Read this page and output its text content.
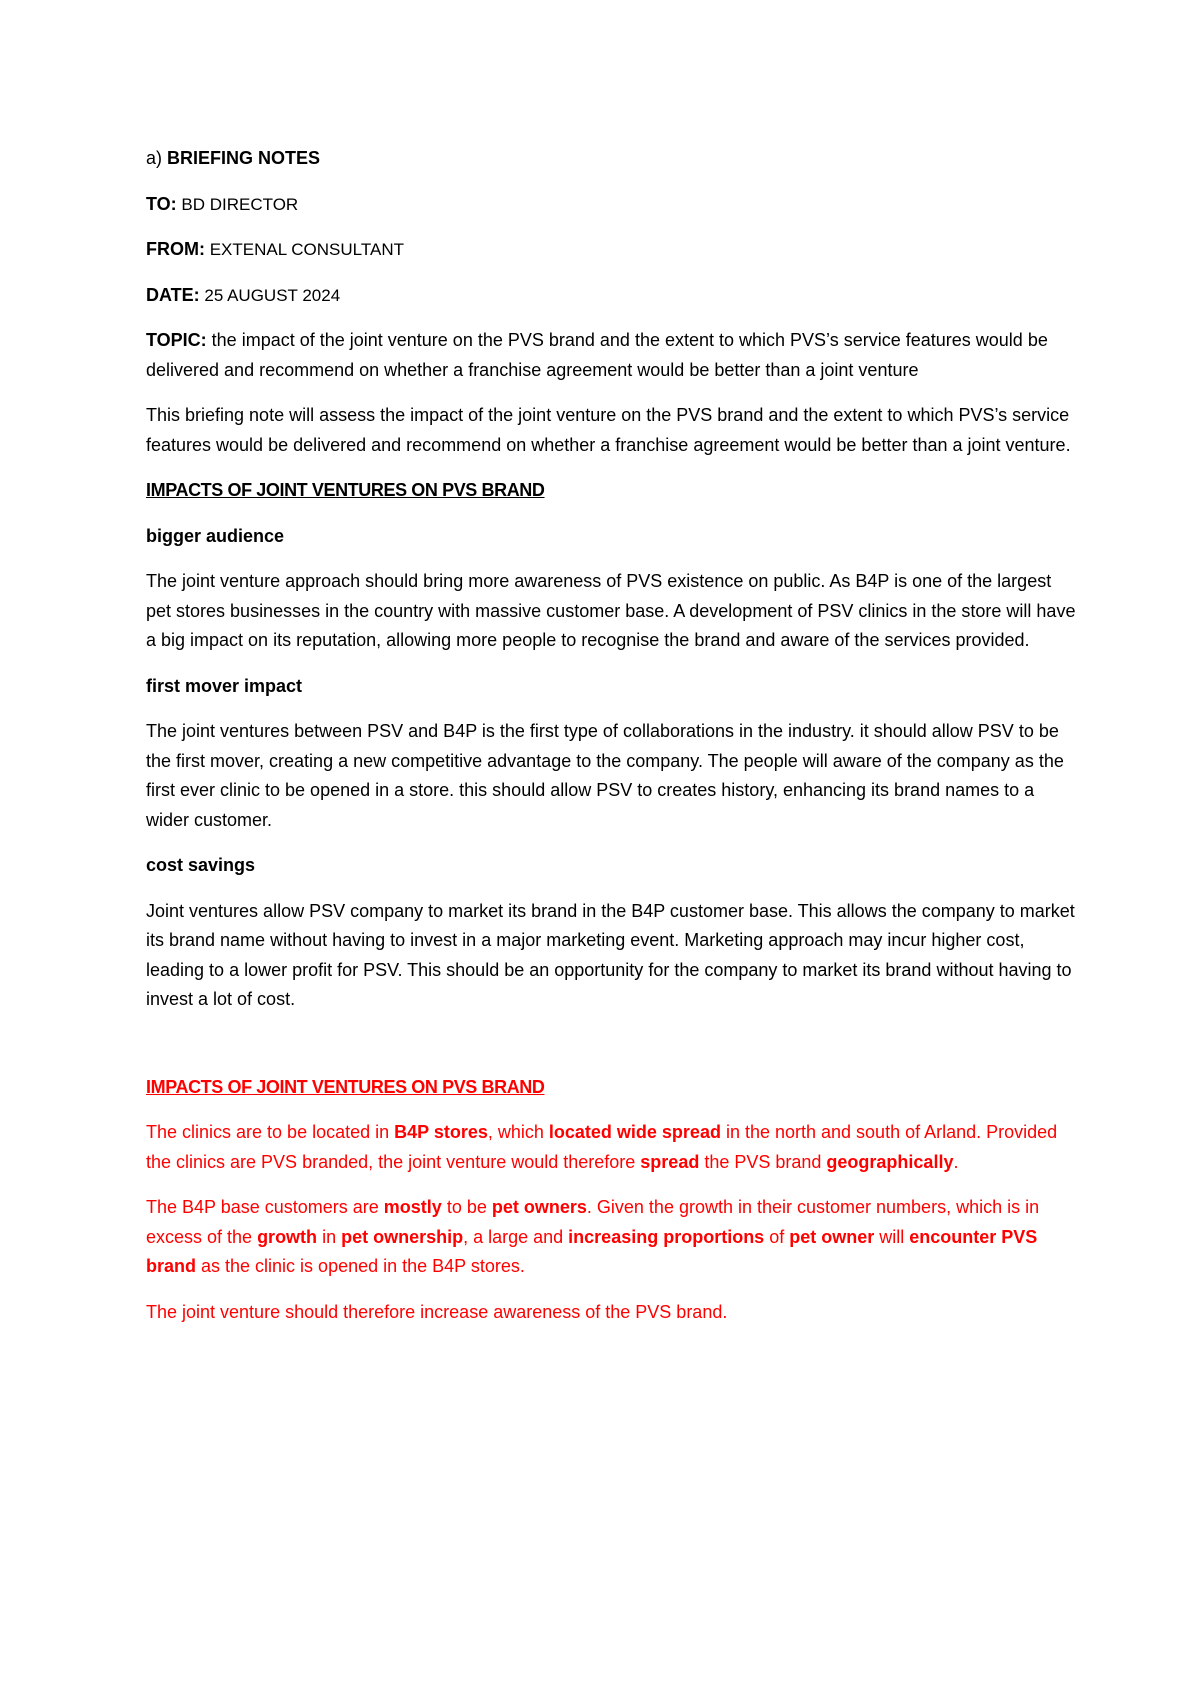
a) BRIEFING NOTES
TO: BD DIRECTOR
FROM: EXTENAL CONSULTANT
DATE: 25 AUGUST 2024

TOPIC: the impact of the joint venture on the PVS brand and the extent to which PVS’s service features would be delivered and recommend on whether a franchise agreement would be better than a joint venture

This briefing note will assess the impact of the joint venture on the PVS brand and the extent to which PVS’s service features would be delivered and recommend on whether a franchise agreement would be better than a joint venture.

IMPACTS OF JOINT VENTURES ON PVS BRAND
bigger audience

The joint venture approach should bring more awareness of PVS existence on public. As B4P is one of the largest pet stores businesses in the country with massive customer base. A development of PSV clinics in the store will have a big impact on its reputation, allowing more people to recognise the brand and aware of the services provided.

first mover impact

The joint ventures between PSV and B4P is the first type of collaborations in the industry. it should allow PSV to be the first mover, creating a new competitive advantage to the company. The people will aware of the company as the first ever clinic to be opened in a store. this should allow PSV to creates history, enhancing its brand names to a wider customer.

cost savings

Joint ventures allow PSV company to market its brand in the B4P customer base. This allows the company to market its brand name without having to invest in a major marketing event. Marketing approach may incur higher cost, leading to a lower profit for PSV. This should be an opportunity for the company to market its brand without having to invest a lot of cost.

IMPACTS OF JOINT VENTURES ON PVS BRAND

The clinics are to be located in B4P stores, which located wide spread in the north and south of Arland. Provided the clinics are PVS branded, the joint venture would therefore spread the PVS brand geographically.

The B4P base customers are mostly to be pet owners. Given the growth in their customer numbers, which is in excess of the growth in pet ownership, a large and increasing proportions of pet owner will encounter PVS brand as the clinic is opened in the B4P stores.

The joint venture should therefore increase awareness of the PVS brand.
